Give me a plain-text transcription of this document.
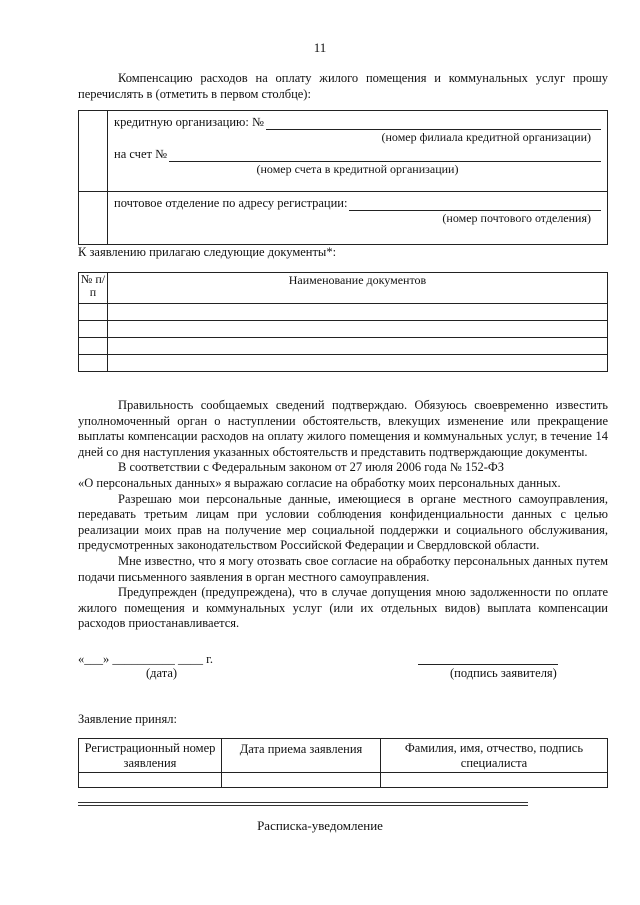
11
Компенсацию расходов на оплату жилого помещения и коммунальных услуг прошу перечислять в (отметить в первом столбце):

	кредитную организацию: №
(номер филиала кредитной организации)
на счет №
(номер счета в кредитной организации)

	почтовое отделение по адресу регистрации:
(номер почтового отделения)
К заявлению прилагаю следующие документы*:
№ п/п	Наименование документов

Правильность сообщаемых сведений подтверждаю. Обязуюсь своевременно известить уполномоченный орган о наступлении обстоятельств, влекущих изменение или прекращение выплаты компенсации расходов на оплату жилого помещения и коммунальных услуг, в течение 14 дней со дня наступления указанных обстоятельств и представить подтверждающие документы.

В соответствии с Федеральным законом от 27 июля 2006 года № 152-ФЗ

«О персональных данных» я выражаю согласие на обработку моих персональных данных.

Разрешаю мои персональные данные, имеющиеся в органе местного самоуправления, передавать третьим лицам при условии соблюдения конфиденциальности данных с целью реализации моих прав на получение мер социальной поддержки и социального обслуживания, предусмотренных законодательством Российской Федерации и Свердловской области.

Мне известно, что я могу отозвать свое согласие на обработку персональных данных путем подачи письменного заявления в орган местного самоуправления.

Предупрежден (предупреждена), что в случае допущения мною задолженности по оплате жилого помещения и коммунальных услуг (или их отдельных видов) выплата компенсации расходов приостанавливается.

«___» __________ ____ г.
(дата)	(подпись заявителя)
Заявление принял:
Регистрационный номер заявления	Дата приема заявления	Фамилия, имя, отчество, подпись специалиста

Расписка-уведомление
